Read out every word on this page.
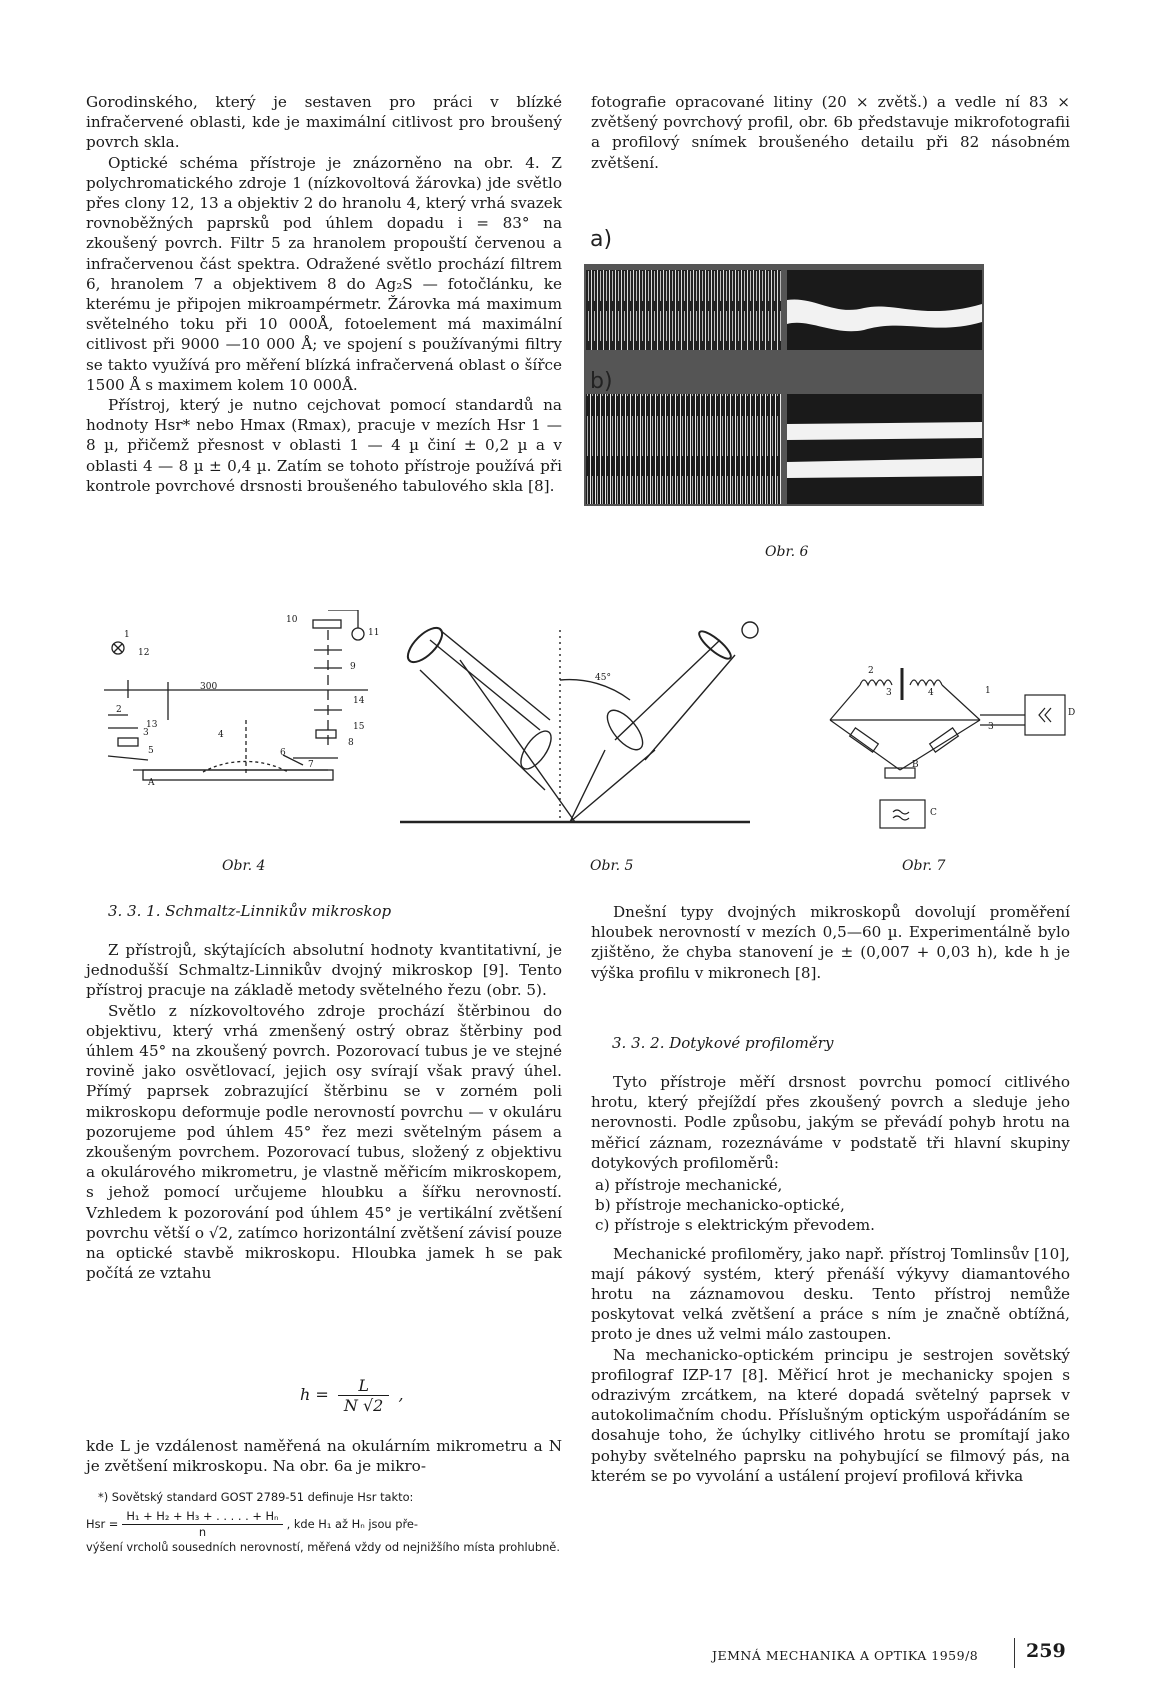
Gorodinského, který je sestaven pro práci v blízké infračervené oblasti, kde je maximální citlivost pro broušený povrch skla.

Optické schéma přístroje je znázorněno na obr. 4. Z polychromatického zdroje 1 (nízkovoltová žárovka) jde světlo přes clony 12, 13 a objektiv 2 do hranolu 4, který vrhá svazek rovnoběžných paprsků pod úhlem dopadu i = 83° na zkoušený povrch. Filtr 5 za hranolem propouští červenou a infračervenou část spektra. Odražené světlo prochází filtrem 6, hranolem 7 a objektivem 8 do Ag₂S — fotočlánku, ke kterému je připojen mikroampérmetr. Žárovka má maximum světelného toku při 10 000Å, fotoelement má maximální citlivost při 9000 —10 000 Å; ve spojení s používanými filtry se takto využívá pro měření blízká infračervená oblast o šířce 1500 Å s maximem kolem 10 000Å.

Přístroj, který je nutno cejchovat pomocí standardů na hodnoty Hsr* nebo Hmax (Rmax), pracuje v mezích Hsr 1 — 8 µ, přičemž přesnost v oblasti 1 — 4 µ činí ± 0,2 µ a v oblasti 4 — 8 µ ± 0,4 µ. Zatím se tohoto přístroje používá při kontrole povrchové drsnosti broušeného tabulového skla [8].

fotografie opracované litiny (20 × zvětš.) a vedle ní 83 × zvětšený povrchový profil, obr. 6b představuje mikrofotografii a profilový snímek broušeného detailu při 82 násobném zvětšení.

a)
b)
Obr. 6
1
12
2
13
3
5
A
300
10
11
9
14
15
8
6
7
4
Obr. 4
45°
Obr. 5
2
3	4	1
3
B
C
D
Obr. 7
3. 3. 1. Schmaltz-Linnikův mikroskop

Z přístrojů, skýtajících absolutní hodnoty kvantitativní, je jednodušší Schmaltz-Linnikův dvojný mikroskop [9]. Tento přístroj pracuje na základě metody světelného řezu (obr. 5).

Světlo z nízkovoltového zdroje prochází štěrbinou do objektivu, který vrhá zmenšený ostrý obraz štěrbiny pod úhlem 45° na zkoušený povrch. Pozorovací tubus je ve stejné rovině jako osvětlovací, jejich osy svírají však pravý úhel. Přímý paprsek zobrazující štěrbinu se v zorném poli mikroskopu deformuje podle nerovností povrchu — v okuláru pozorujeme pod úhlem 45° řez mezi světelným pásem a zkoušeným povrchem. Pozorovací tubus, složený z objektivu a okulárového mikrometru, je vlastně měřicím mikroskopem, s jehož pomocí určujeme hloubku a šířku nerovností. Vzhledem k pozorování pod úhlem 45° je vertikální zvětšení povrchu větší o √2, zatímco horizontální zvětšení závisí pouze na optické stavbě mikroskopu. Hloubka jamek h se pak počítá ze vztahu

$h = \frac{L}{N √2}$ ,

kde L je vzdálenost naměřená na okulárním mikrometru a N je zvětšení mikroskopu. Na obr. 6a je mikro-

*) Sovětský standard GOST 2789-51 definuje Hsr takto:
Hsr = $\frac{\text{H₁ + H₂ + H₃ + . . . . . + Hₙ}}{n}$ , kde H₁ až Hₙ jsou pře-
výšení vrcholů sousedních nerovností, měřená vždy od nejnižšího místa prohlubně.

Dnešní typy dvojných mikroskopů dovolují proměření hloubek nerovností v mezích 0,5—60 µ. Experimentálně bylo zjištěno, že chyba stanovení je ± (0,007 + 0,03 h), kde h je výška profilu v mikronech [8].

3. 3. 2. Dotykové profiloměry

Tyto přístroje měří drsnost povrchu pomocí citlivého hrotu, který přejíždí přes zkoušený povrch a sleduje jeho nerovnosti. Podle způsobu, jakým se převádí pohyb hrotu na měřicí záznam, rozeznáváme v podstatě tři hlavní skupiny dotykových profiloměrů:

a) přístroje mechanické,

b) přístroje mechanicko-optické,

c) přístroje s elektrickým převodem.

Mechanické profiloměry, jako např. přístroj Tomlinsův [10], mají pákový systém, který přenáší výkyvy diamantového hrotu na záznamovou desku. Tento přístroj nemůže poskytovat velká zvětšení a práce s ním je značně obtížná, proto je dnes už velmi málo zastoupen.

Na mechanicko-optickém principu je sestrojen sovětský profilograf IZP-17 [8]. Měřicí hrot je mechanicky spojen s odrazivým zrcátkem, na které dopadá světelný paprsek v autokolimačním chodu. Příslušným optickým uspořádáním se dosahuje toho, že úchylky citlivého hrotu se promítají jako pohyby světelného paprsku na pohybující se filmový pás, na kterém se po vyvolání a ustálení projeví profilová křivka

JEMNÁ MECHANIKA A OPTIKA 1959/8	259
